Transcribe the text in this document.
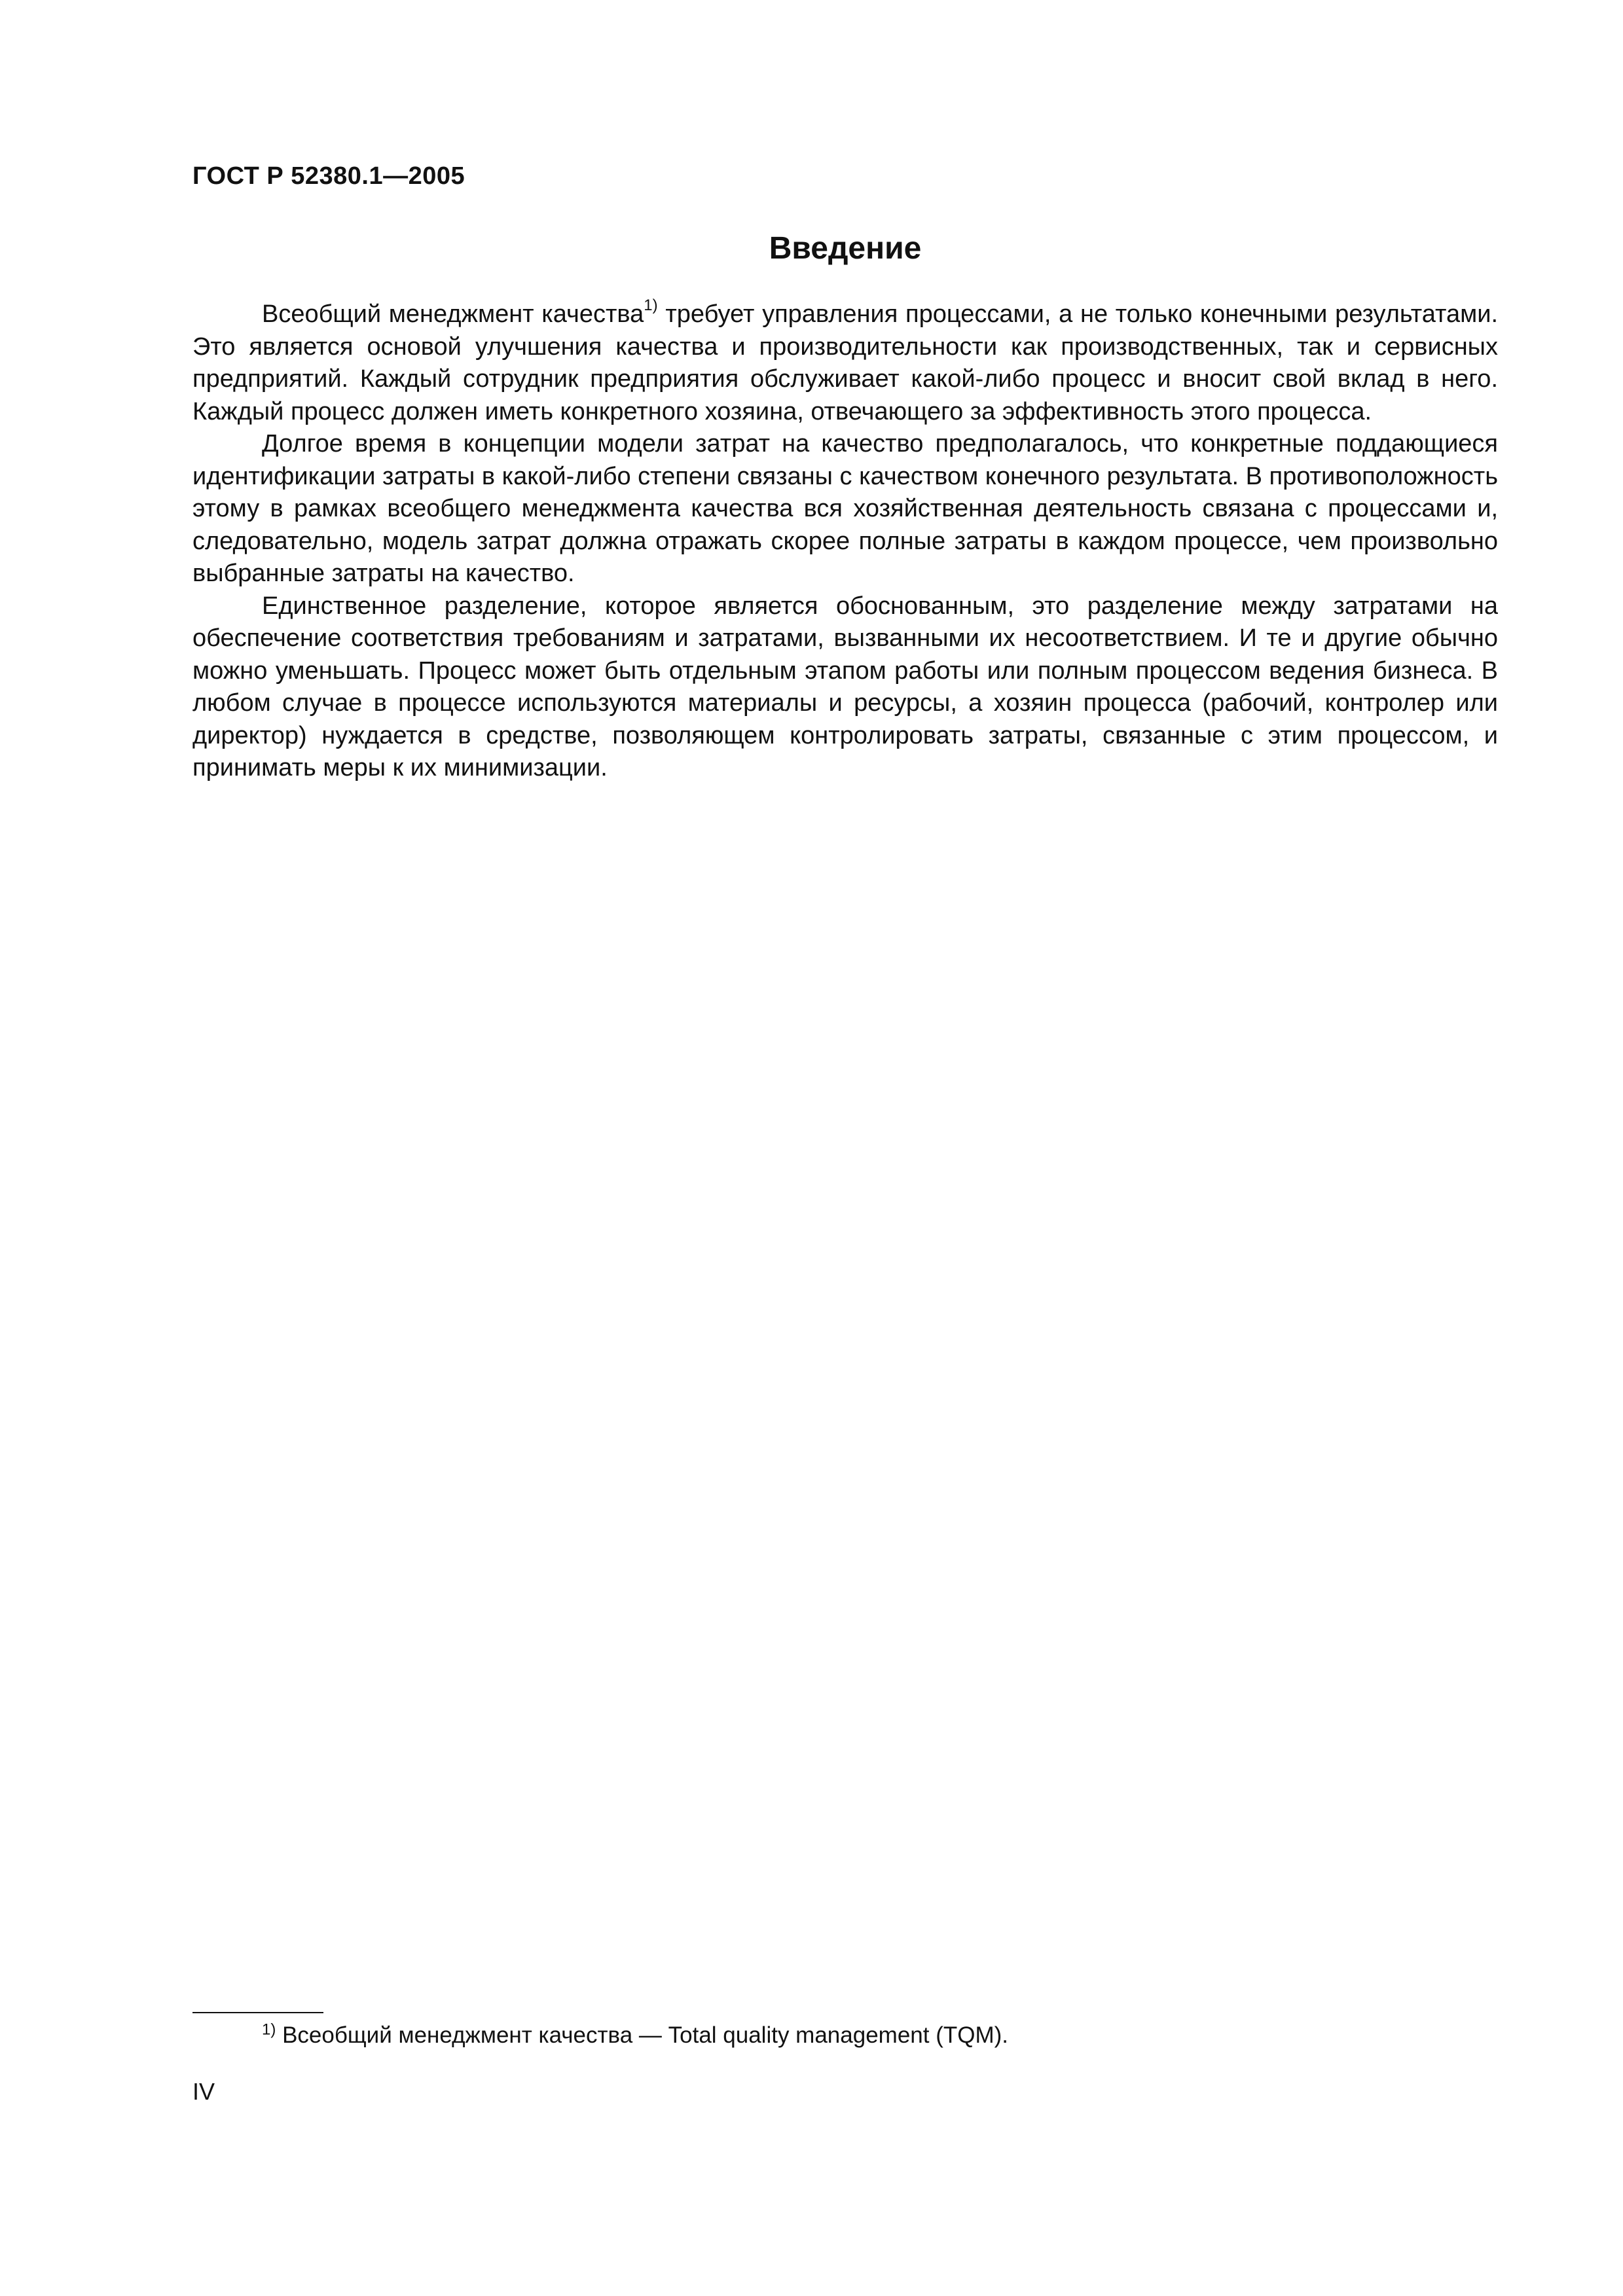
ГОСТ Р 52380.1—2005
Введение

Всеобщий менеджмент качества$^{1)}$ требует управления процессами, а не только конечными результатами. Это является основой улучшения качества и производительности как производственных, так и сервисных предприятий. Каждый сотрудник предприятия обслуживает какой-либо процесс и вносит свой вклад в него. Каждый процесс должен иметь конкретного хозяина, отвечающего за эффективность этого процесса.

Долгое время в концепции модели затрат на качество предполагалось, что конкретные поддающиеся идентификации затраты в какой-либо степени связаны с качеством конечного результата. В противоположность этому в рамках всеобщего менеджмента качества вся хозяйственная деятельность связана с процессами и, следовательно, модель затрат должна отражать скорее полные затраты в каждом процессе, чем произвольно выбранные затраты на качество.

Единственное разделение, которое является обоснованным, это разделение между затратами на обеспечение соответствия требованиям и затратами, вызванными их несоответствием. И те и другие обычно можно уменьшать. Процесс может быть отдельным этапом работы или полным процессом ведения бизнеса. В любом случае в процессе используются материалы и ресурсы, а хозяин процесса (рабочий, контролер или директор) нуждается в средстве, позволяющем контролировать затраты, связанные с этим процессом, и принимать меры к их минимизации.

$^{1)}$ Всеобщий менеджмент качества — Total quality management (TQM).
IV
